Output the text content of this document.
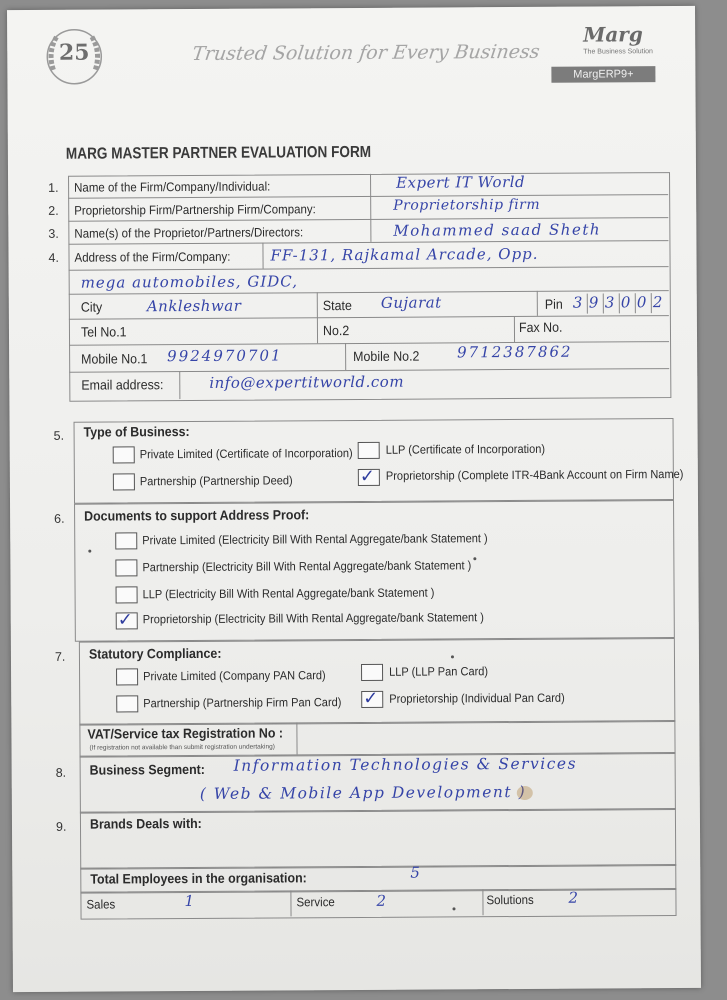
25	Trusted Solution for Every Business
Marg
The Business Solution
MargERP9+
MARG MASTER PARTNER EVALUATION FORM
1. Name of the Firm/Company/Individual:	Expert IT World
2. Proprietorship Firm/Partnership Firm/Company:	Proprietorship firm
3. Name(s) of the Proprietor/Partners/Directors:	Mohammed saad Sheth
4. Address of the Firm/Company:	FF-131, Rajkamal Arcade, Opp.
mega automobiles, GIDC,
City	Ankleshwar	State Gujarat	Pin 3 9 3 0 0 2
Tel No.1	No.2	Fax No.
Mobile No.1 9924970701	Mobile No.2	9712387862
Email address:	info@expertitworld.com
5. Type of Business:
Private Limited (Certificate of Incorporation)	LLP (Certificate of Incorporation)
Partnership (Partnership Deed)	✓ Proprietorship (Complete ITR-4Bank Account on Firm Name)
6. Documents to support Address Proof:
Private Limited (Electricity Bill With Rental Aggregate/bank Statement )
Partnership (Electricity Bill With Rental Aggregate/bank Statement )
LLP (Electricity Bill With Rental Aggregate/bank Statement )
✓ Proprietorship (Electricity Bill With Rental Aggregate/bank Statement )
7. Statutory Compliance:
Private Limited (Company PAN Card)	LLP (LLP Pan Card)
Partnership (Partnership Firm Pan Card) ✓ Proprietorship (Individual Pan Card)
VAT/Service tax Registration No :
(If registration not available than submit registration undertaking)
8. Business Segment: Information Technologies & Services
( Web & Mobile App Development )
9. Brands Deals with:
Total Employees in the organisation:	5
Sales	1	Service	2	Solutions 2
